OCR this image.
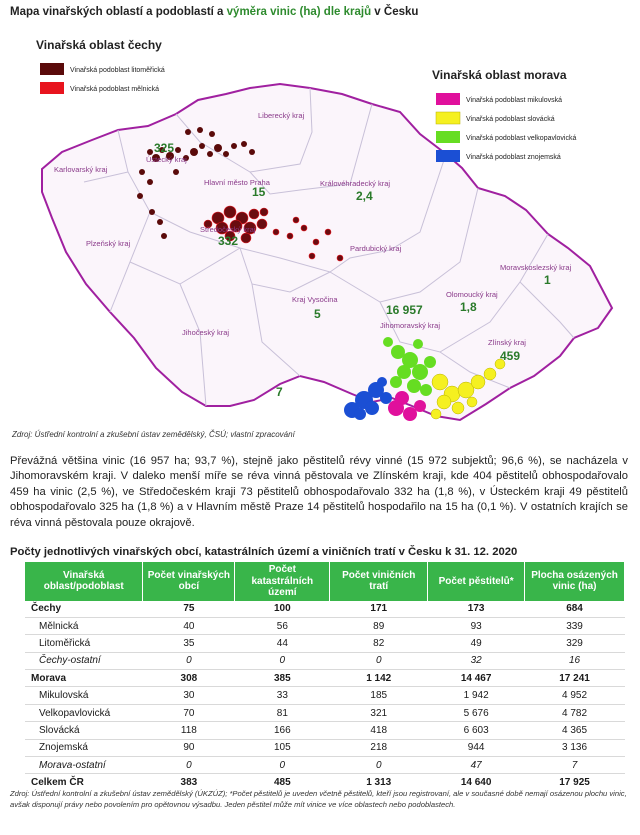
Mapa vinařských oblastí a podoblastí a výměra vinic (ha) dle krajů v Česku
Vinařská oblast čechy
Vinařská podoblast litoměřická
Vinařská podoblast mělnická
Vinařská oblast morava
Vinařská podoblast mikulovská
Vinařská podoblast slovácká
Vinařská podoblast velkopavlovická
Vinařská podoblast znojemská
Liberecký kraj
Ústecký kraj
Karlovarský kraj
Hlavní město Praha	Královéhradecký kraj
Středočeský kraj
Plzeňský kraj
Pardubický kraj
Moravskoslezský kraj
Olomoucký kraj
Kraj Vysočina
Jihomoravský kraj
Zlínský kraj
Jihočeský kraj
325
15
332
2,4
1
1,8
5	16 957
459
7
Zdroj: Ústřední kontrolní a zkušební ústav zemědělský, ČSÚ; vlastní zpracování
Převážná většina vinic (16 957 ha; 93,7 %), stejně jako pěstitelů révy vinné (15 972 subjektů; 96,6 %), se nacházela v Jihomoravském kraji. V daleko menší míře se réva vinná pěstovala ve Zlínském kraji, kde 404 pěstitelů obhospodařovalo 459 ha vinic (2,5 %), ve Středočeském kraji 73 pěstitelů obhospodařovalo 332 ha (1,8 %), v Ústeckém kraji 49 pěstitelů obhospodařovalo 325 ha (1,8 %) a v Hlavním městě Praze 14 pěstitelů hospodařilo na 15 ha (0,1 %). V ostatních krajích se réva vinná pěstovala pouze okrajově.
Počty jednotlivých vinařských obcí, katastrálních území a viničních tratí v Česku k 31. 12. 2020
Vinařská oblast/podoblast	Počet vinařských obcí	Počet katastrálních území	Počet viničních tratí	Počet pěstitelů*	Plocha osázených vinic (ha)
Čechy	75	100	171	173	684
Mělnická	40	56	89	93	339
Litoměřická	35	44	82	49	329
Čechy-ostatní	0	0	0	32	16
Morava	308	385	1 142	14 467	17 241
Mikulovská	30	33	185	1 942	4 952
Velkopavlovická	70	81	321	5 676	4 782
Slovácká	118	166	418	6 603	4 365
Znojemská	90	105	218	944	3 136
Morava-ostatní	0	0	0	47	7
Celkem ČR	383	485	1 313	14 640	17 925
Zdroj: Ústřední kontrolní a zkušební ústav zemědělský (ÚKZÚZ); *Počet pěstitelů je uveden včetně pěstitelů, kteří jsou registrovaní, ale v současné době nemají osázenou plochu vinic, avšak disponují právy nebo povolením pro opětovnou výsadbu. Jeden pěstitel může mít vinice ve více oblastech nebo podoblastech.
